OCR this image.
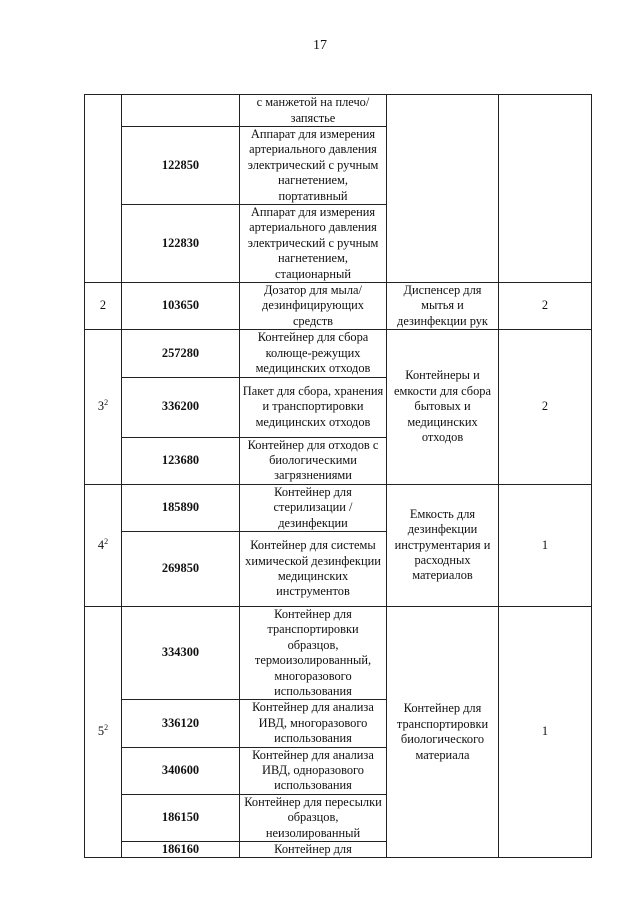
17
		с манжетой на плечо/запястье		
	122850	Аппарат для измерения артериального давления электрический с ручным нагнетением, портативный		
	122830	Аппарат для измерения артериального давления электрический с ручным нагнетением, стационарный		
2	103650	Дозатор для мыла/ дезинфицирующих средств	Диспенсер для мытья и дезинфекции рук	2
$3^2$	257280	Контейнер для сбора колюще-режущих медицинских отходов	Контейнеры и емкости для сбора бытовых и медицинских отходов	2
	336200	Пакет для сбора, хранения и транспортировки медицинских отходов		
	123680	Контейнер для отходов с биологическими загрязнениями		
$4^2$	185890	Контейнер для стерилизации /дезинфекции	Емкость для дезинфекции инструментария и расходных материалов	1
	269850	Контейнер для системы химической дезинфекции медицинских инструментов		
$5^2$	334300	Контейнер для транспортировки образцов, термоизолированный, многоразового использования	Контейнер для транспортировки биологического материала	1
	336120	Контейнер для анализа ИВД, многоразового использования		
	340600	Контейнер для анализа ИВД, одноразового использования		
	186150	Контейнер для пересылки образцов, неизолированный		
	186160	Контейнер для		
